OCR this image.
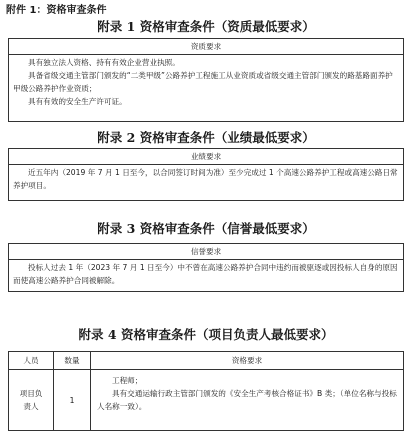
附件 1：资格审查条件
附录 1 资格审查条件（资质最低要求）
资质要求

具有独立法人资格、持有有效企业营业执照。

具备省级交通主管部门颁发的“二类甲级”公路养护工程施工从业资质或省级交通主管部门颁发的路基路面养护甲级公路养护作业资质；

具有有效的安全生产许可证。

附录 2 资格审查条件（业绩最低要求）
业绩要求

近五年内（2019 年 7 月 1 日至今，以合同签订时间为准）至少完成过 1 个高速公路养护工程或高速公路日常养护项目。

附录 3 资格审查条件（信誉最低要求）
信誉要求

投标人过去 1 年（2023 年 7 月 1 日至今）中不曾在高速公路养护合同中违约而被驱逐或因投标人自身的原因而使高速公路养护合同被解除。

附录 4 资格审查条件（项目负责人最低要求）
人员	数量	资格要求
项目负责人	1	工程师；
具有交通运输行政主管部门颁发的《安全生产考核合格证书》B 类；（单位名称与投标人名称一致）。
